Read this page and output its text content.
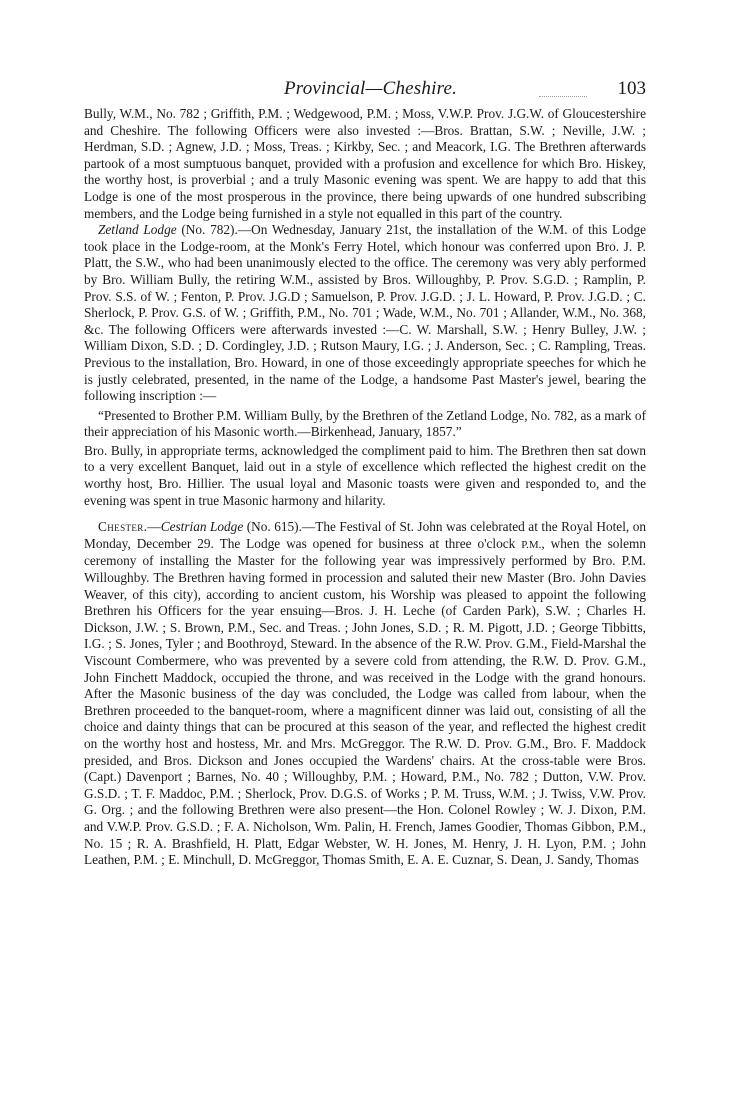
Provincial—Cheshire.	103

Bully, W.M., No. 782 ; Griffith, P.M. ; Wedgewood, P.M. ; Moss, V.W.P. Prov. J.G.W. of Gloucestershire and Cheshire. The following Officers were also invested :—Bros. Brattan, S.W. ; Neville, J.W. ; Herdman, S.D. ; Agnew, J.D. ; Moss, Treas. ; Kirkby, Sec. ; and Meacork, I.G. The Brethren afterwards partook of a most sumptuous banquet, provided with a profusion and excellence for which Bro. Hiskey, the worthy host, is proverbial ; and a truly Masonic evening was spent. We are happy to add that this Lodge is one of the most prosperous in the province, there being upwards of one hundred subscribing members, and the Lodge being furnished in a style not equalled in this part of the country.

Zetland Lodge (No. 782).—On Wednesday, January 21st, the installation of the W.M. of this Lodge took place in the Lodge-room, at the Monk's Ferry Hotel, which honour was conferred upon Bro. J. P. Platt, the S.W., who had been unanimously elected to the office. The ceremony was very ably performed by Bro. William Bully, the retiring W.M., assisted by Bros. Willoughby, P. Prov. S.G.D. ; Ramplin, P. Prov. S.S. of W. ; Fenton, P. Prov. J.G.D ; Samuelson, P. Prov. J.G.D. ; J. L. Howard, P. Prov. J.G.D. ; C. Sherlock, P. Prov. G.S. of W. ; Griffith, P.M., No. 701 ; Wade, W.M., No. 701 ; Allander, W.M., No. 368, &c. The following Officers were afterwards invested :—C. W. Marshall, S.W. ; Henry Bulley, J.W. ; William Dixon, S.D. ; D. Cordingley, J.D. ; Rutson Maury, I.G. ; J. Anderson, Sec. ; C. Rampling, Treas. Previous to the installation, Bro. Howard, in one of those exceedingly appropriate speeches for which he is justly celebrated, presented, in the name of the Lodge, a handsome Past Master's jewel, bearing the following inscription :—

“Presented to Brother P.M. William Bully, by the Brethren of the Zetland Lodge, No. 782, as a mark of their appreciation of his Masonic worth.—Birkenhead, January, 1857.”

Bro. Bully, in appropriate terms, acknowledged the compliment paid to him. The Brethren then sat down to a very excellent Banquet, laid out in a style of excellence which reflected the highest credit on the worthy host, Bro. Hillier. The usual loyal and Masonic toasts were given and responded to, and the evening was spent in true Masonic harmony and hilarity.

Chester.—Cestrian Lodge (No. 615).—The Festival of St. John was celebrated at the Royal Hotel, on Monday, December 29. The Lodge was opened for business at three o'clock P.M., when the solemn ceremony of installing the Master for the following year was impressively performed by Bro. P.M. Willoughby. The Brethren having formed in procession and saluted their new Master (Bro. John Davies Weaver, of this city), according to ancient custom, his Worship was pleased to appoint the following Brethren his Officers for the year ensuing—Bros. J. H. Leche (of Carden Park), S.W. ; Charles H. Dickson, J.W. ; S. Brown, P.M., Sec. and Treas. ; John Jones, S.D. ; R. M. Pigott, J.D. ; George Tibbitts, I.G. ; S. Jones, Tyler ; and Boothroyd, Steward. In the absence of the R.W. Prov. G.M., Field-Marshal the Viscount Combermere, who was prevented by a severe cold from attending, the R.W. D. Prov. G.M., John Finchett Maddock, occupied the throne, and was received in the Lodge with the grand honours. After the Masonic business of the day was concluded, the Lodge was called from labour, when the Brethren proceeded to the banquet-room, where a magnificent dinner was laid out, consisting of all the choice and dainty things that can be procured at this season of the year, and reflected the highest credit on the worthy host and hostess, Mr. and Mrs. McGreggor. The R.W. D. Prov. G.M., Bro. F. Maddock presided, and Bros. Dickson and Jones occupied the Wardens' chairs. At the cross-table were Bros. (Capt.) Davenport ; Barnes, No. 40 ; Willoughby, P.M. ; Howard, P.M., No. 782 ; Dutton, V.W. Prov. G.S.D. ; T. F. Maddoc, P.M. ; Sherlock, Prov. D.G.S. of Works ; P. M. Truss, W.M. ; J. Twiss, V.W. Prov. G. Org. ; and the following Brethren were also present—the Hon. Colonel Rowley ; W. J. Dixon, P.M. and V.W.P. Prov. G.S.D. ; F. A. Nicholson, Wm. Palin, H. French, James Goodier, Thomas Gibbon, P.M., No. 15 ; R. A. Brashfield, H. Platt, Edgar Webster, W. H. Jones, M. Henry, J. H. Lyon, P.M. ; John Leathen, P.M. ; E. Minchull, D. McGreggor, Thomas Smith, E. A. E. Cuznar, S. Dean, J. Sandy, Thomas
